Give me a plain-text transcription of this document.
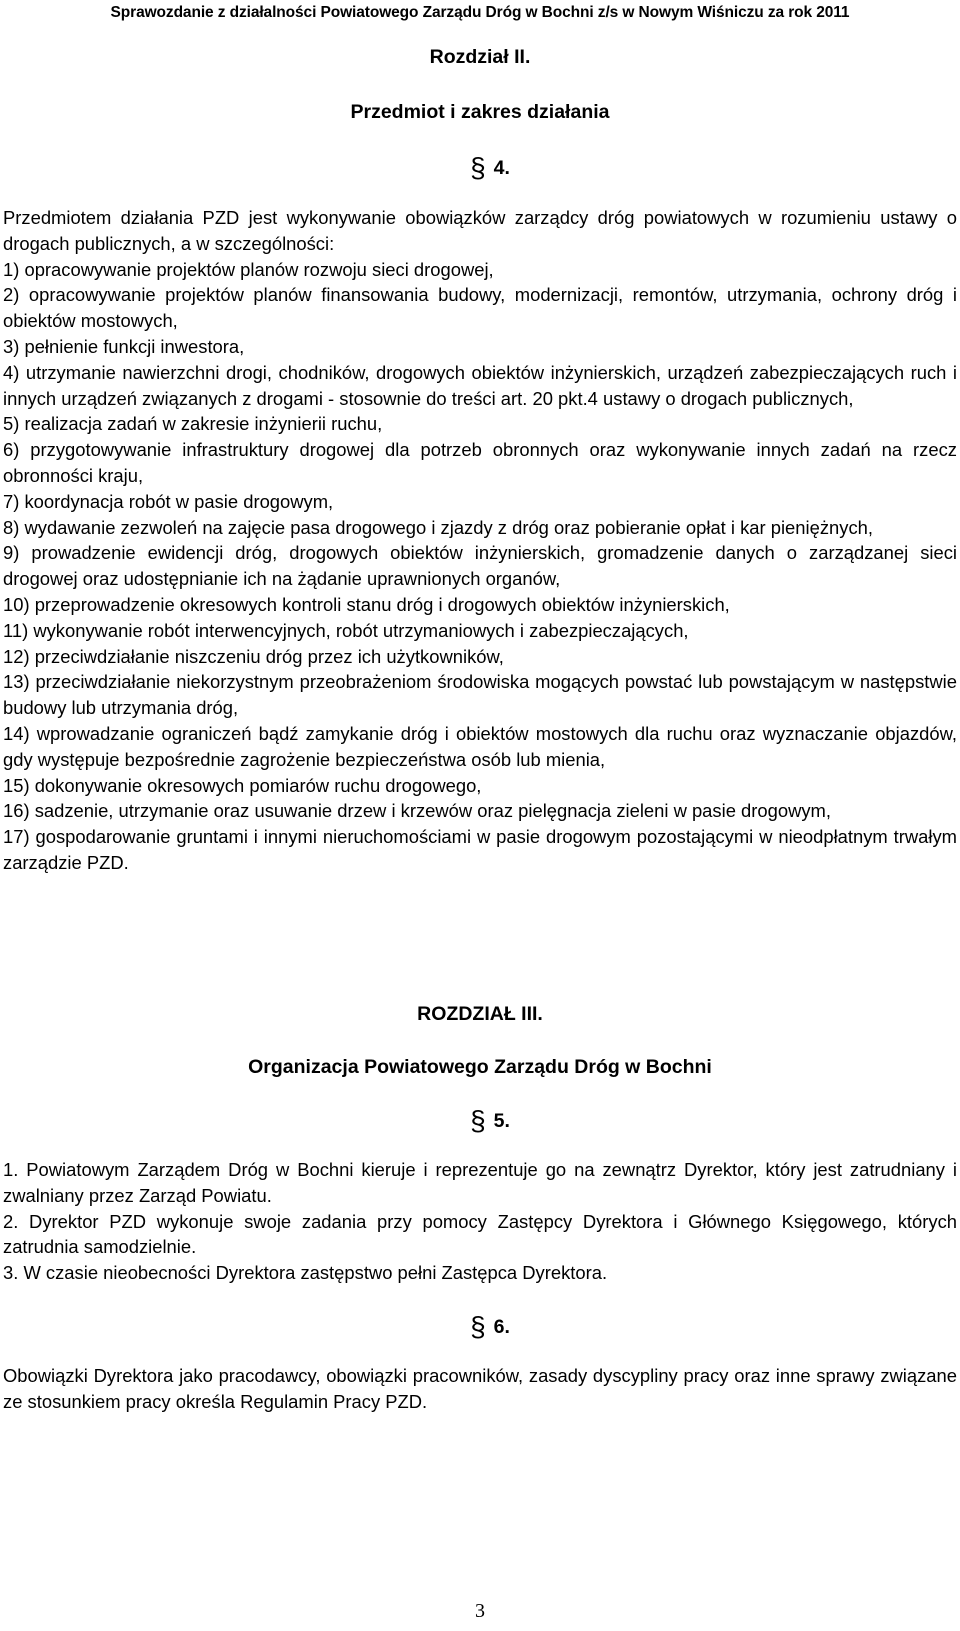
Sprawozdanie z działalności Powiatowego Zarządu Dróg w Bochni z/s w Nowym Wiśniczu za rok 2011
Rozdział II.
Przedmiot i zakres działania
§ 4.

Przedmiotem działania PZD jest wykonywanie obowiązków zarządcy dróg powiatowych w rozumieniu ustawy o drogach publicznych, a w szczególności:

1) opracowywanie projektów planów rozwoju sieci drogowej,

2) opracowywanie projektów planów finansowania budowy, modernizacji, remontów, utrzymania, ochrony dróg i obiektów mostowych,

3) pełnienie funkcji inwestora,

4) utrzymanie nawierzchni drogi, chodników, drogowych obiektów inżynierskich, urządzeń zabezpieczających ruch i innych urządzeń związanych z drogami - stosownie do treści art. 20 pkt.4 ustawy o drogach publicznych,

5) realizacja zadań w zakresie inżynierii ruchu,

6) przygotowywanie infrastruktury drogowej dla potrzeb obronnych oraz wykonywanie innych zadań na rzecz obronności kraju,

7) koordynacja robót w pasie drogowym,

8) wydawanie zezwoleń na zajęcie pasa drogowego i zjazdy z dróg oraz pobieranie opłat i kar pieniężnych,

9) prowadzenie ewidencji dróg, drogowych obiektów inżynierskich, gromadzenie danych o zarządzanej sieci drogowej oraz udostępnianie ich na żądanie uprawnionych organów,

10) przeprowadzenie okresowych kontroli stanu dróg i drogowych obiektów inżynierskich,

11) wykonywanie robót interwencyjnych, robót utrzymaniowych i zabezpieczających,

12) przeciwdziałanie niszczeniu dróg przez ich użytkowników,

13) przeciwdziałanie niekorzystnym przeobrażeniom środowiska mogących powstać lub powstającym w następstwie budowy lub utrzymania dróg,

14) wprowadzanie ograniczeń bądź zamykanie dróg i obiektów mostowych dla ruchu oraz wyznaczanie objazdów, gdy występuje bezpośrednie zagrożenie bezpieczeństwa osób lub mienia,

15) dokonywanie okresowych pomiarów ruchu drogowego,

16) sadzenie, utrzymanie oraz usuwanie drzew i krzewów oraz pielęgnacja zieleni w pasie drogowym,

17) gospodarowanie gruntami i innymi nieruchomościami w pasie drogowym pozostającymi w nieodpłatnym trwałym zarządzie PZD.

ROZDZIAŁ III.
Organizacja Powiatowego Zarządu Dróg w Bochni
§ 5.

1. Powiatowym Zarządem Dróg w Bochni kieruje i reprezentuje go na zewnątrz Dyrektor, który jest zatrudniany i zwalniany przez Zarząd Powiatu.

2. Dyrektor PZD wykonuje swoje zadania przy pomocy Zastępcy Dyrektora i Głównego Księgowego, których zatrudnia samodzielnie.

3. W czasie nieobecności Dyrektora zastępstwo pełni Zastępca Dyrektora.

§ 6.

Obowiązki Dyrektora jako pracodawcy, obowiązki pracowników, zasady dyscypliny pracy oraz inne sprawy związane ze stosunkiem pracy określa Regulamin Pracy PZD.

3
